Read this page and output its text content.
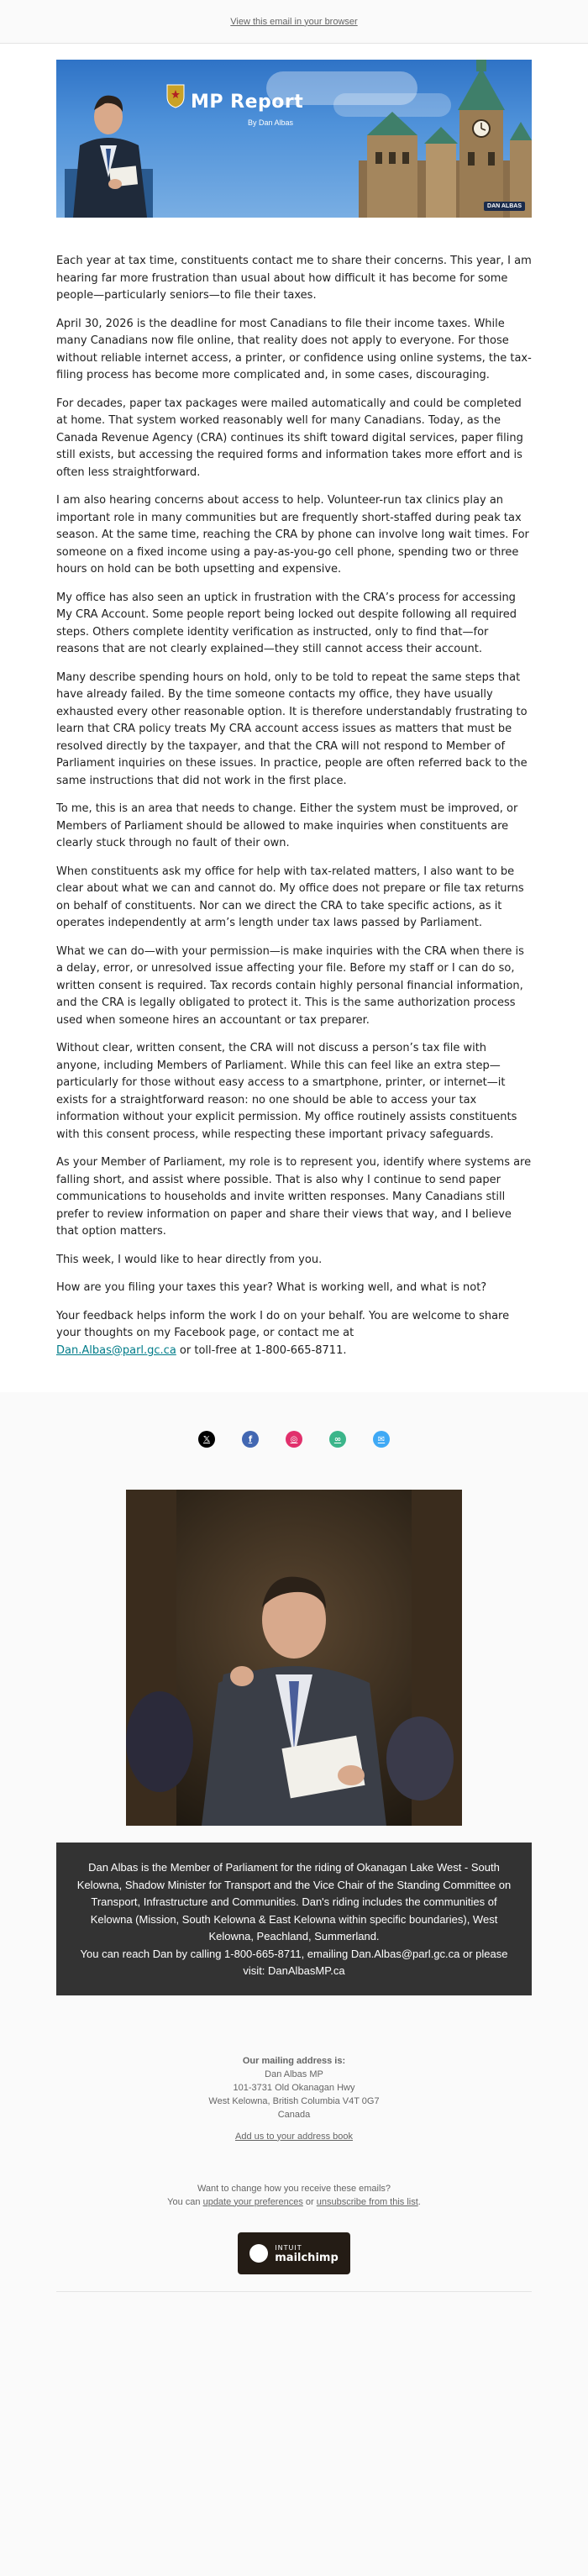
View this email in your browser
MP Report
By Dan Albas
DAN ALBAS

Each year at tax time, constituents contact me to share their concerns. This year, I am hearing far more frustration than usual about how difficult it has become for some people—particularly seniors—to file their taxes.

April 30, 2026 is the deadline for most Canadians to file their income taxes. While many Canadians now file online, that reality does not apply to everyone. For those without reliable internet access, a printer, or confidence using online systems, the tax-filing process has become more complicated and, in some cases, discouraging.

For decades, paper tax packages were mailed automatically and could be completed at home. That system worked reasonably well for many Canadians. Today, as the Canada Revenue Agency (CRA) continues its shift toward digital services, paper filing still exists, but accessing the required forms and information takes more effort and is often less straightforward.

I am also hearing concerns about access to help. Volunteer-run tax clinics play an important role in many communities but are frequently short-staffed during peak tax season. At the same time, reaching the CRA by phone can involve long wait times. For someone on a fixed income using a pay-as-you-go cell phone, spending two or three hours on hold can be both upsetting and expensive.

My office has also seen an uptick in frustration with the CRA’s process for accessing My CRA Account. Some people report being locked out despite following all required steps. Others complete identity verification as instructed, only to find that—for reasons that are not clearly explained—they still cannot access their account.

Many describe spending hours on hold, only to be told to repeat the same steps that have already failed. By the time someone contacts my office, they have usually exhausted every other reasonable option. It is therefore understandably frustrating to learn that CRA policy treats My CRA account access issues as matters that must be resolved directly by the taxpayer, and that the CRA will not respond to Member of Parliament inquiries on these issues. In practice, people are often referred back to the same instructions that did not work in the first place.

To me, this is an area that needs to change. Either the system must be improved, or Members of Parliament should be allowed to make inquiries when constituents are clearly stuck through no fault of their own.

When constituents ask my office for help with tax-related matters, I also want to be clear about what we can and cannot do. My office does not prepare or file tax returns on behalf of constituents. Nor can we direct the CRA to take specific actions, as it operates independently at arm’s length under tax laws passed by Parliament.

What we can do—with your permission—is make inquiries with the CRA when there is a delay, error, or unresolved issue affecting your file. Before my staff or I can do so, written consent is required. Tax records contain highly personal financial information, and the CRA is legally obligated to protect it. This is the same authorization process used when someone hires an accountant or tax preparer.

Without clear, written consent, the CRA will not discuss a person’s tax file with anyone, including Members of Parliament. While this can feel like an extra step—particularly for those without easy access to a smartphone, printer, or internet—it exists for a straightforward reason: no one should be able to access your tax information without your explicit permission. My office routinely assists constituents with this consent process, while respecting these important privacy safeguards.

As your Member of Parliament, my role is to represent you, identify where systems are falling short, and assist where possible. That is also why I continue to send paper communications to households and invite written responses. Many Canadians still prefer to review information on paper and share their views that way, and I believe that option matters.

This week, I would like to hear directly from you.

How are you filing your taxes this year? What is working well, and what is not?

Your feedback helps inform the work I do on your behalf. You are welcome to share your thoughts on my Facebook page, or contact me at
Dan.Albas@parl.gc.ca or toll-free at 1-800-665-8711.

𝕏	f	◎	∞	✉

Dan Albas is the Member of Parliament for the riding of Okanagan Lake West - South Kelowna, Shadow Minister for Transport and the Vice Chair of the Standing Committee on Transport, Infrastructure and Communities. Dan's riding includes the communities of Kelowna (Mission, South Kelowna & East Kelowna within specific boundaries), West Kelowna, Peachland, Summerland.

You can reach Dan by calling 1-800-665-8711, emailing Dan.Albas@parl.gc.ca or please visit: DanAlbasMP.ca

Our mailing address is:
Dan Albas MP
101-3731 Old Okanagan Hwy
West Kelowna, British Columbia V4T 0G7
Canada
Add us to your address book
Want to change how you receive these emails?
You can update your preferences or unsubscribe from this list.
INTUIT
mailchimp
